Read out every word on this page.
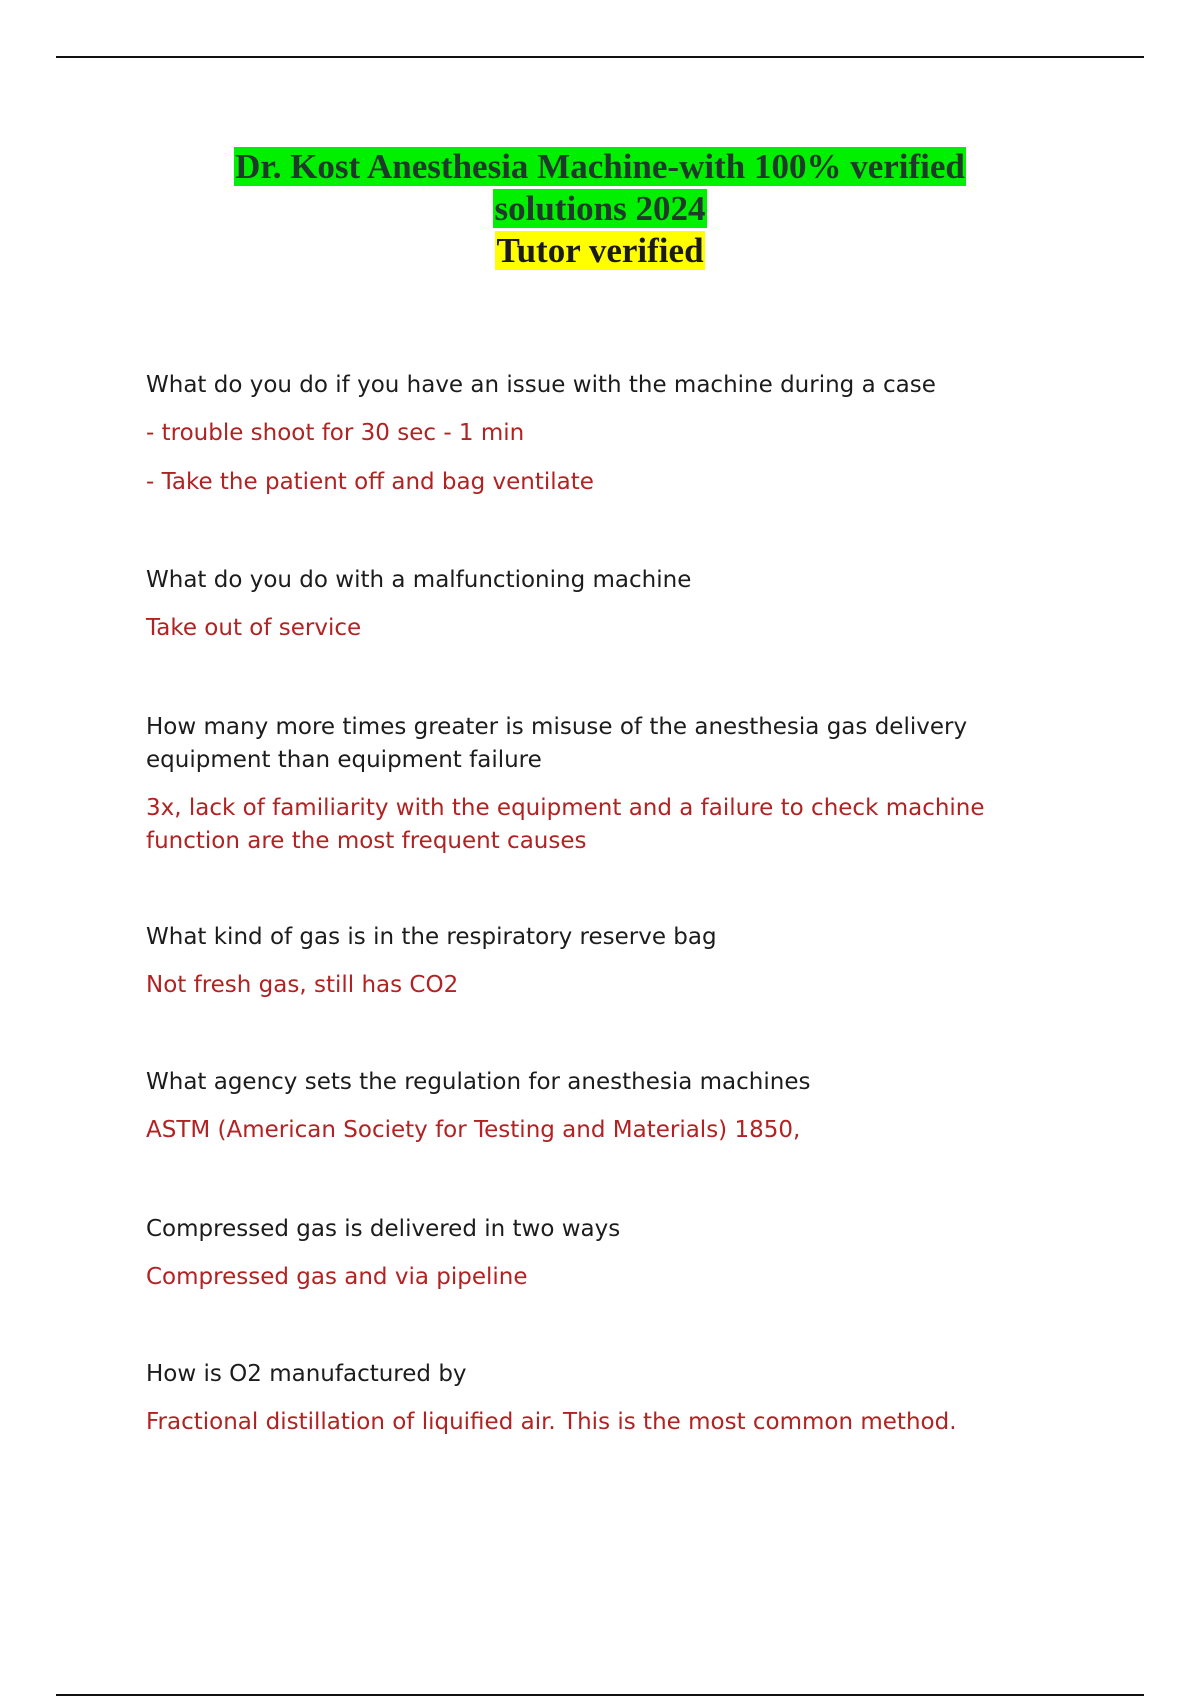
Dr. Kost Anesthesia Machine-with 100% verified
solutions 2024
Tutor verified

What do you do if you have an issue with the machine during a case

- trouble shoot for 30 sec - 1 min

- Take the patient off and bag ventilate

What do you do with a malfunctioning machine

Take out of service

How many more times greater is misuse of the anesthesia gas delivery equipment than equipment failure

3x, lack of familiarity with the equipment and a failure to check machine function are the most frequent causes

What kind of gas is in the respiratory reserve bag

Not fresh gas, still has CO2

What agency sets the regulation for anesthesia machines

ASTM (American Society for Testing and Materials) 1850,

Compressed gas is delivered in two ways

Compressed gas and via pipeline

How is O2 manufactured by

Fractional distillation of liquified air. This is the most common method.
